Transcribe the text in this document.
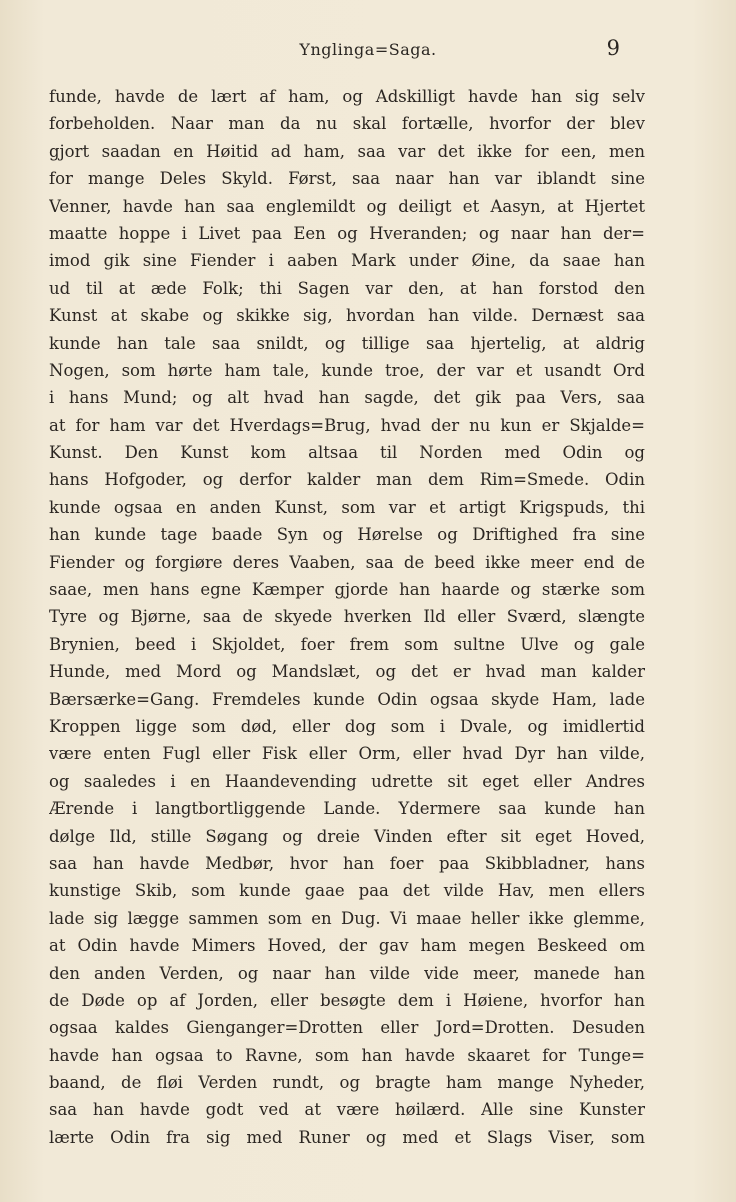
Ynglinga=Saga.	9
funde, havde de lært af ham, og Adskilligt havde han sig selv
forbeholden. Naar man da nu skal fortælle, hvorfor der blev
gjort saadan en Høitid ad ham, saa var det ikke for een, men
for mange Deles Skyld. Først, saa naar han var iblandt sine
Venner, havde han saa englemildt og deiligt et Aasyn, at Hjertet
maatte hoppe i Livet paa Een og Hveranden; og naar han der=
imod gik sine Fiender i aaben Mark under Øine, da saae han
ud til at æde Folk; thi Sagen var den, at han forstod den
Kunst at skabe og skikke sig, hvordan han vilde. Dernæst saa
kunde han tale saa snildt, og tillige saa hjertelig, at aldrig
Nogen, som hørte ham tale, kunde troe, der var et usandt Ord
i hans Mund; og alt hvad han sagde, det gik paa Vers, saa
at for ham var det Hverdags=Brug, hvad der nu kun er Skjalde=
Kunst. Den Kunst kom altsaa til Norden med Odin og
hans Hofgoder, og derfor kalder man dem Rim=Smede. Odin
kunde ogsaa en anden Kunst, som var et artigt Krigspuds, thi
han kunde tage baade Syn og Hørelse og Driftighed fra sine
Fiender og forgiøre deres Vaaben, saa de beed ikke meer end de
saae, men hans egne Kæmper gjorde han haarde og stærke som
Tyre og Bjørne, saa de skyede hverken Ild eller Sværd, slængte
Brynien, beed i Skjoldet, foer frem som sultne Ulve og gale
Hunde, med Mord og Mandslæt, og det er hvad man kalder
Bærsærke=Gang. Fremdeles kunde Odin ogsaa skyde Ham, lade
Kroppen ligge som død, eller dog som i Dvale, og imidlertid
være enten Fugl eller Fisk eller Orm, eller hvad Dyr han vilde,
og saaledes i en Haandevending udrette sit eget eller Andres
Ærende i langtbortliggende Lande. Ydermere saa kunde han
dølge Ild, stille Søgang og dreie Vinden efter sit eget Hoved,
saa han havde Medbør, hvor han foer paa Skibbladner, hans
kunstige Skib, som kunde gaae paa det vilde Hav, men ellers
lade sig lægge sammen som en Dug. Vi maae heller ikke glemme,
at Odin havde Mimers Hoved, der gav ham megen Beskeed om
den anden Verden, og naar han vilde vide meer, manede han
de Døde op af Jorden, eller besøgte dem i Høiene, hvorfor han
ogsaa kaldes Gienganger=Drotten eller Jord=Drotten. Desuden
havde han ogsaa to Ravne, som han havde skaaret for Tunge=
baand, de fløi Verden rundt, og bragte ham mange Nyheder,
saa han havde godt ved at være høilærd. Alle sine Kunster
lærte Odin fra sig med Runer og med et Slags Viser, som
